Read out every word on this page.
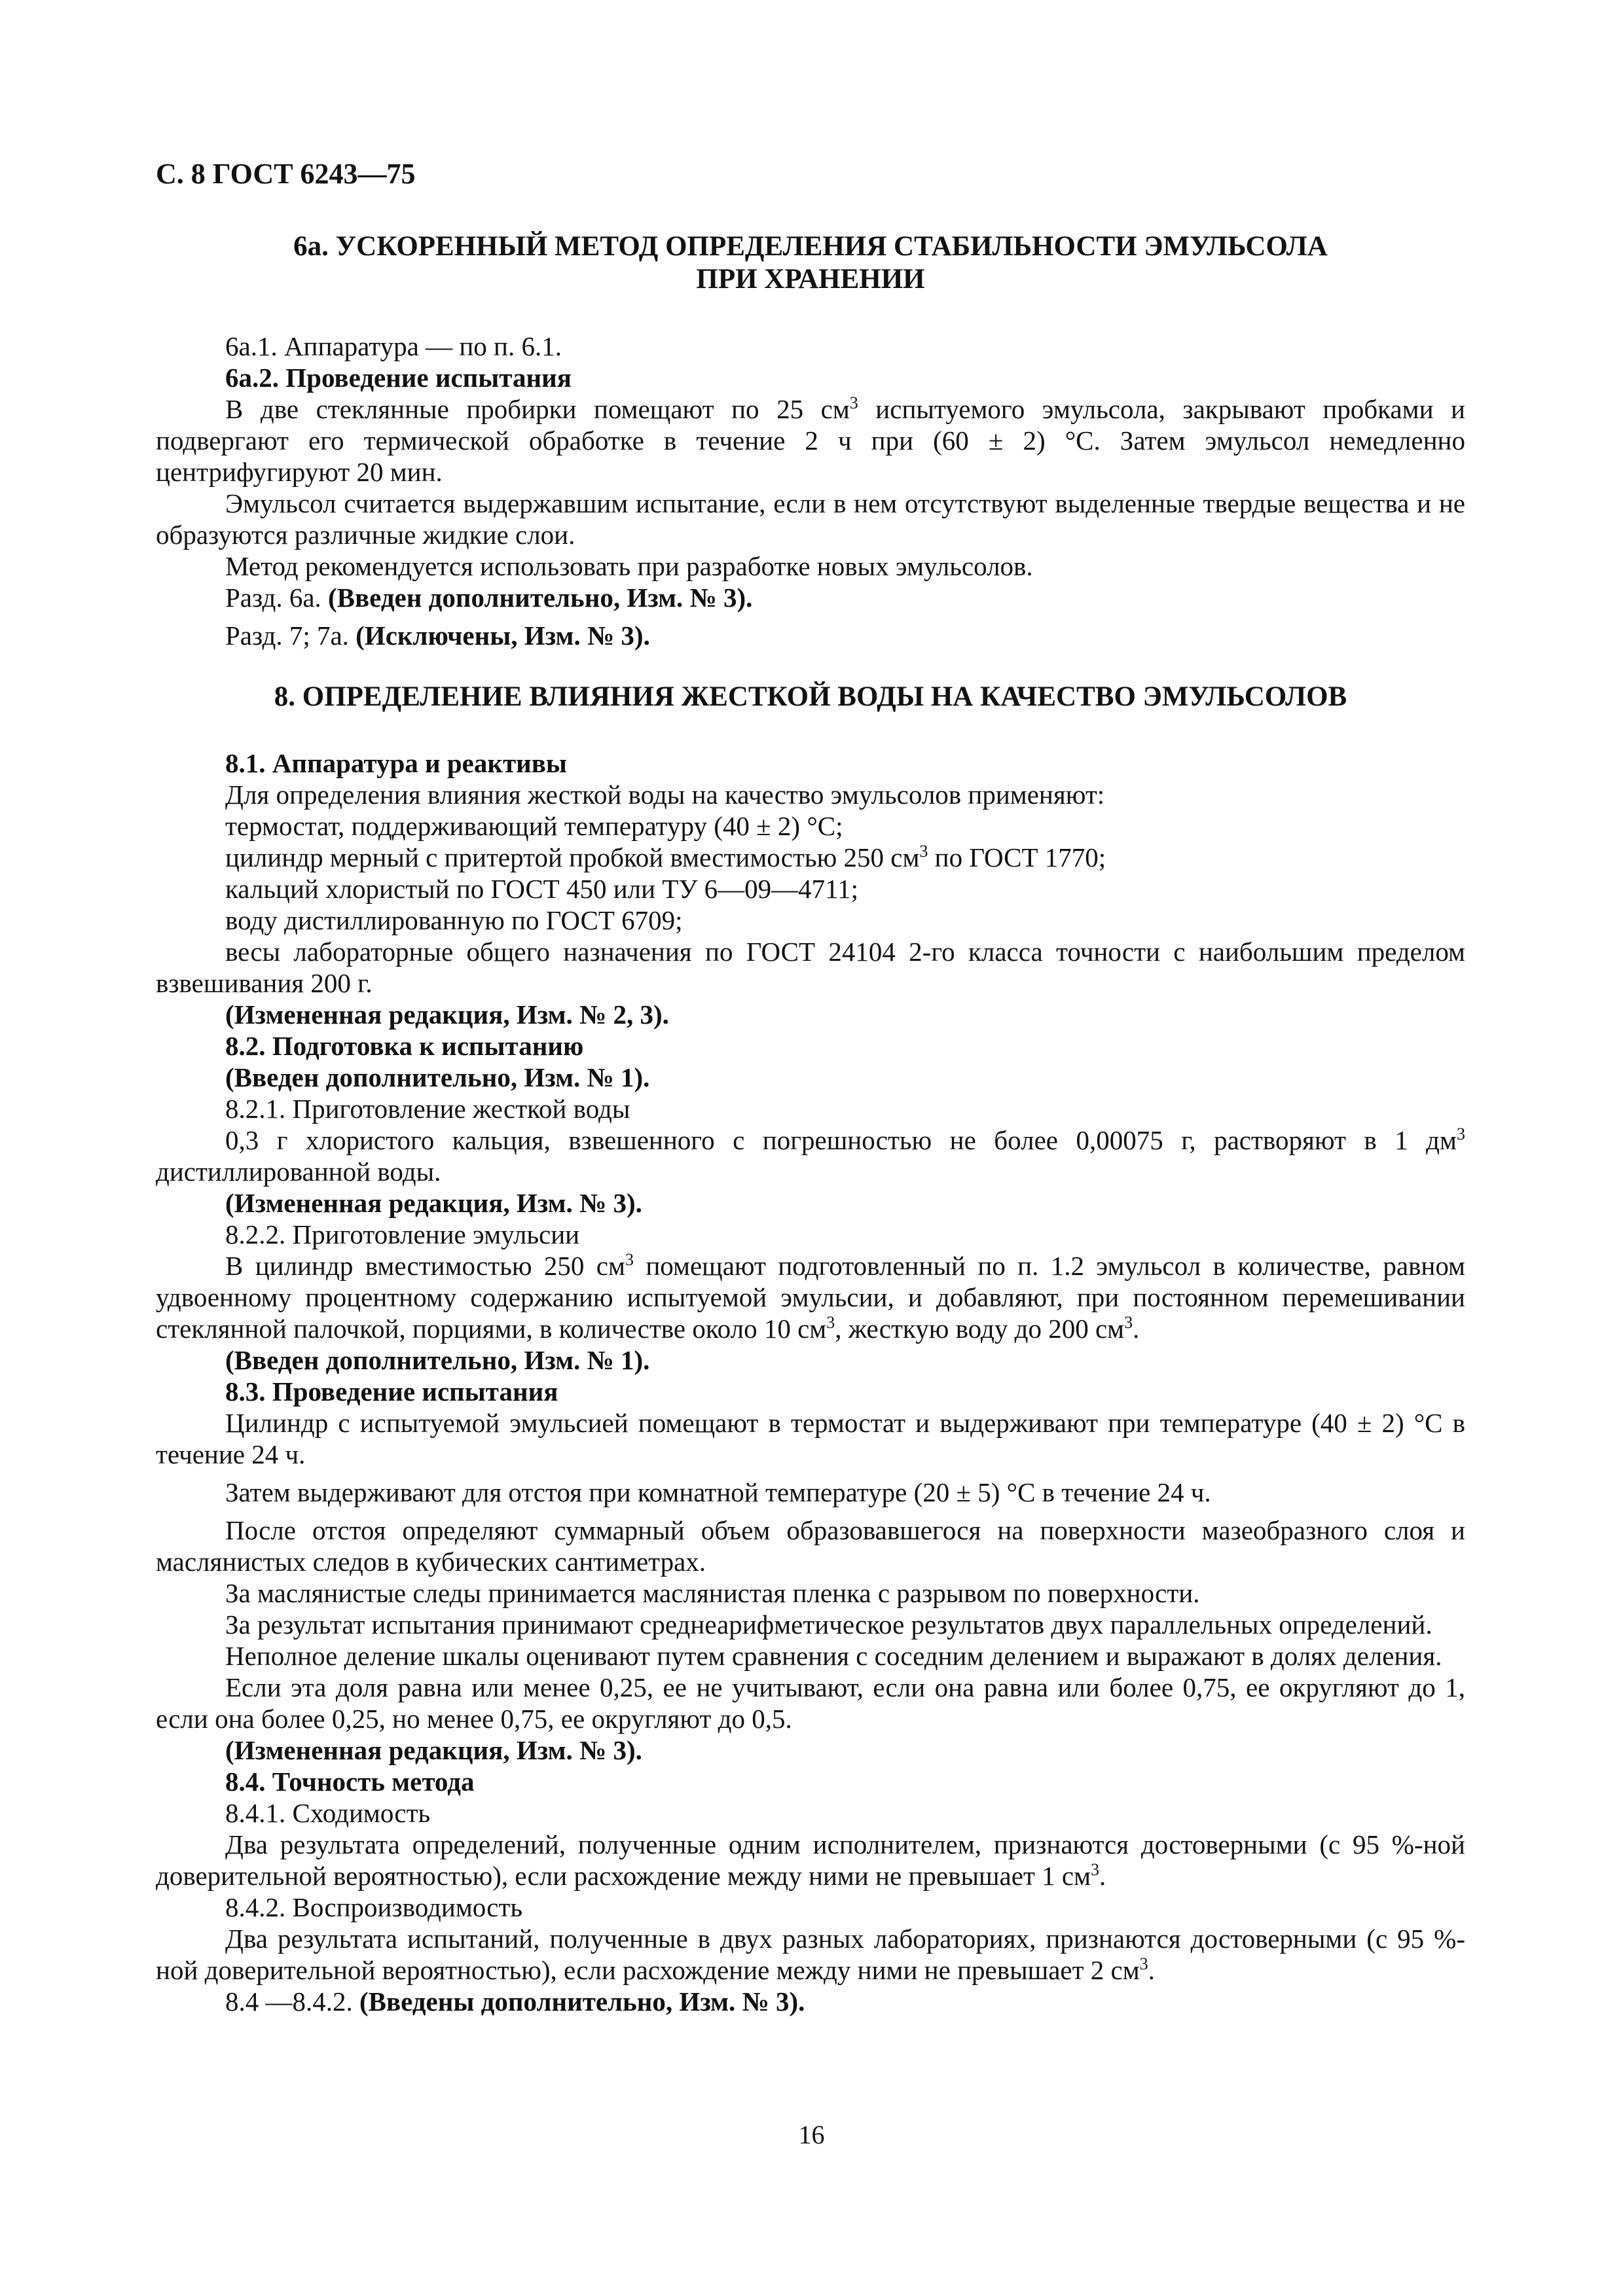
С. 8 ГОСТ 6243—75
6а. УСКОРЕННЫЙ МЕТОД ОПРЕДЕЛЕНИЯ СТАБИЛЬНОСТИ ЭМУЛЬСОЛА
ПРИ ХРАНЕНИИ

6а.1. Аппаратура — по п. 6.1.

6а.2. Проведение испытания

В две стеклянные пробирки помещают по 25 $см^3$ испытуемого эмульсола, закрывают пробками и подвергают его термической обработке в течение 2 ч при (60 ± 2) °С. Затем эмульсол немедленно центрифугируют 20 мин.

Эмульсол считается выдержавшим испытание, если в нем отсутствуют выделенные твердые вещества и не образуются различные жидкие слои.

Метод рекомендуется использовать при разработке новых эмульсолов.

Разд. 6а. (Введен дополнительно, Изм. № 3).

Разд. 7; 7а. (Исключены, Изм. № 3).

8. ОПРЕДЕЛЕНИЕ ВЛИЯНИЯ ЖЕСТКОЙ ВОДЫ НА КАЧЕСТВО ЭМУЛЬСОЛОВ

8.1. Аппаратура и реактивы

Для определения влияния жесткой воды на качество эмульсолов применяют:

термостат, поддерживающий температуру (40 ± 2) °С;

цилиндр мерный с притертой пробкой вместимостью 250 $см^3$ по ГОСТ 1770;

кальций хлористый по ГОСТ 450 или ТУ 6—09—4711;

воду дистиллированную по ГОСТ 6709;

весы лабораторные общего назначения по ГОСТ 24104 2-го класса точности с наибольшим пределом взвешивания 200 г.

(Измененная редакция, Изм. № 2, 3).

8.2. Подготовка к испытанию

(Введен дополнительно, Изм. № 1).

8.2.1. Приготовление жесткой воды

0,3 г хлористого кальция, взвешенного с погрешностью не более 0,00075 г, растворяют в 1 $дм^3$ дистиллированной воды.

(Измененная редакция, Изм. № 3).

8.2.2. Приготовление эмульсии

В цилиндр вместимостью 250 $см^3$ помещают подготовленный по п. 1.2 эмульсол в количестве, равном удвоенному процентному содержанию испытуемой эмульсии, и добавляют, при постоянном перемешивании стеклянной палочкой, порциями, в количестве около 10 $см^3$, жесткую воду до 200 $см^3$.

(Введен дополнительно, Изм. № 1).

8.3. Проведение испытания

Цилиндр с испытуемой эмульсией помещают в термостат и выдерживают при температуре (40 ± 2) °С в течение 24 ч.

Затем выдерживают для отстоя при комнатной температуре (20 ± 5) °С в течение 24 ч.

После отстоя определяют суммарный объем образовавшегося на поверхности мазеобразного слоя и маслянистых следов в кубических сантиметрах.

За маслянистые следы принимается маслянистая пленка с разрывом по поверхности.

За результат испытания принимают среднеарифметическое результатов двух параллельных определений.

Неполное деление шкалы оценивают путем сравнения с соседним делением и выражают в долях деления.

Если эта доля равна или менее 0,25, ее не учитывают, если она равна или более 0,75, ее округляют до 1, если она более 0,25, но менее 0,75, ее округляют до 0,5.

(Измененная редакция, Изм. № 3).

8.4. Точность метода

8.4.1. Сходимость

Два результата определений, полученные одним исполнителем, признаются достоверными (с 95 %-ной доверительной вероятностью), если расхождение между ними не превышает 1 $см^3$.

8.4.2. Воспроизводимость

Два результата испытаний, полученные в двух разных лабораториях, признаются достоверными (с 95 %-ной доверительной вероятностью), если расхождение между ними не превышает 2 $см^3$.

8.4 —8.4.2. (Введены дополнительно, Изм. № 3).

16
